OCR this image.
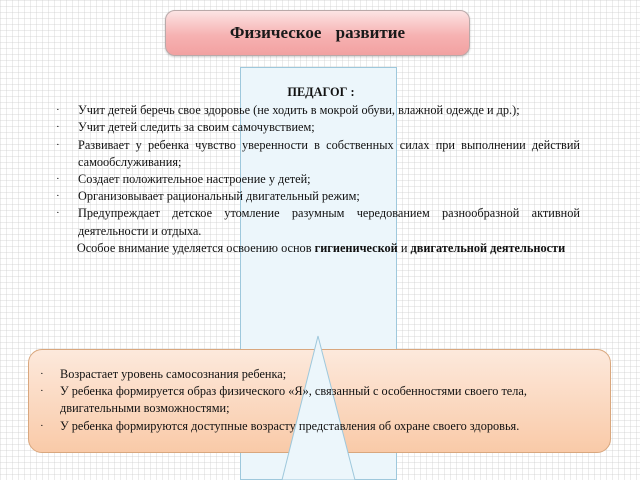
Физическое развитие
ПЕДАГОГ :
· Учит детей беречь свое здоровье (не ходить в мокрой обуви, влажной одежде и др.);
· Учит детей следить за своим самочувствием;
· Развивает у ребенка чувство уверенности в собственных силах при выполнении действий самообслуживания;
· Создает положительное настроение у детей;
· Организовывает рациональный двигательный режим;
· Предупреждает детское утомление разумным чередованием разнообразной активной деятельности и отдыха.
Особое внимание уделяется освоению основ гигиенической и двигательной деятельности
· Возрастает уровень самосознания ребенка;
· У ребенка формируется образ физического «Я», связанный с особенностями своего тела, двигательными возможностями;
· У ребенка формируются доступные возрасту представления об охране своего здоровья.
